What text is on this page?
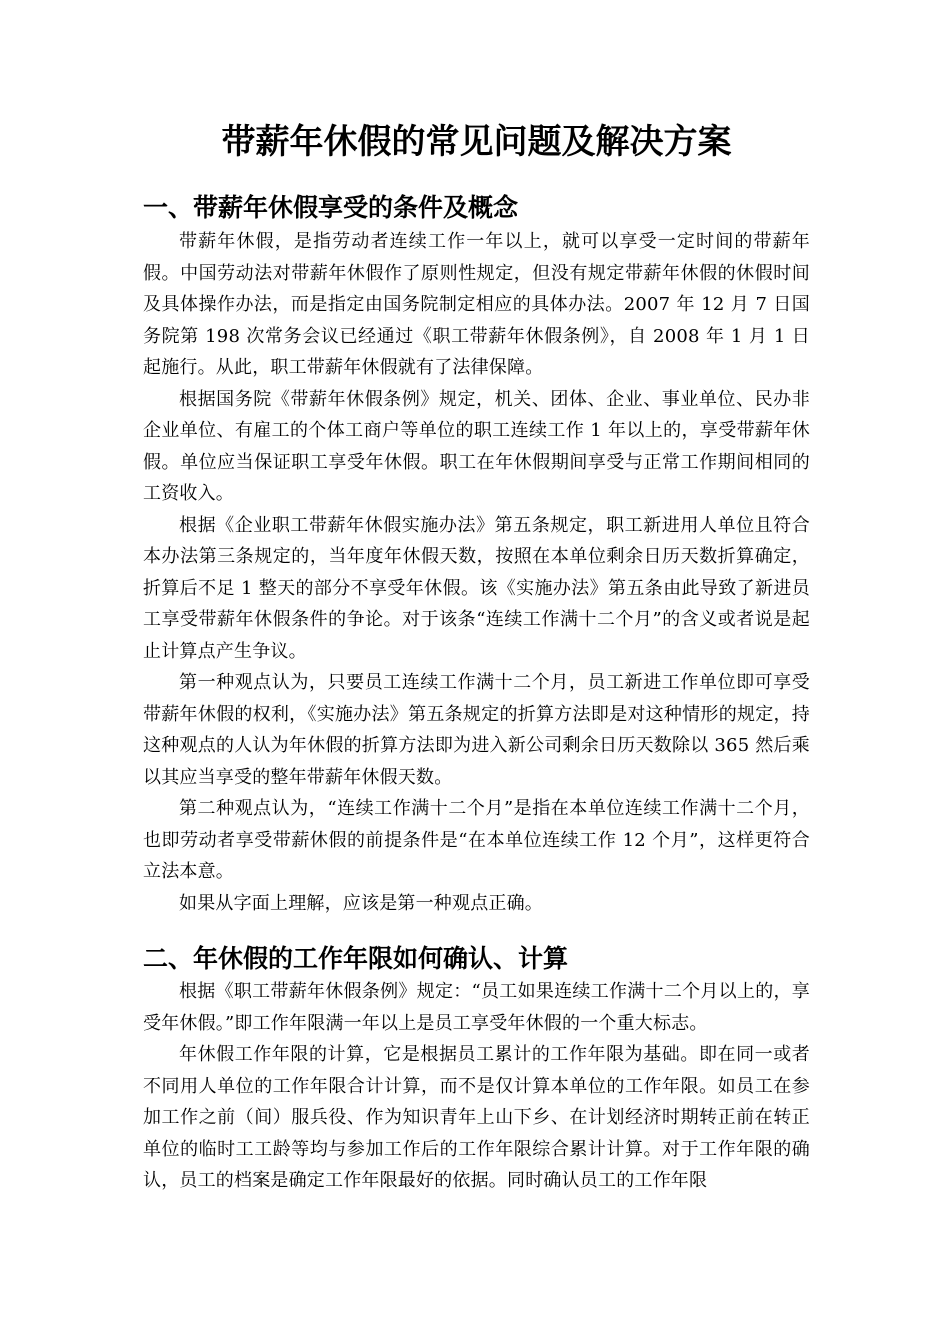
带薪年休假的常见问题及解决方案
一、带薪年休假享受的条件及概念

带薪年休假，是指劳动者连续工作一年以上，就可以享受一定时间的带薪年假。中国劳动法对带薪年休假作了原则性规定，但没有规定带薪年休假的休假时间及具体操作办法，而是指定由国务院制定相应的具体办法。2007 年 12 月 7 日国务院第 198 次常务会议已经通过《职工带薪年休假条例》，自 2008 年 1 月 1 日起施行。从此，职工带薪年休假就有了法律保障。

根据国务院《带薪年休假条例》规定，机关、团体、企业、事业单位、民办非企业单位、有雇工的个体工商户等单位的职工连续工作 1 年以上的，享受带薪年休假。单位应当保证职工享受年休假。职工在年休假期间享受与正常工作期间相同的工资收入。

根据《企业职工带薪年休假实施办法》第五条规定，职工新进用人单位且符合本办法第三条规定的，当年度年休假天数，按照在本单位剩余日历天数折算确定，折算后不足 1 整天的部分不享受年休假。该《实施办法》第五条由此导致了新进员工享受带薪年休假条件的争论。对于该条“连续工作满十二个月”的含义或者说是起止计算点产生争议。

第一种观点认为，只要员工连续工作满十二个月，员工新进工作单位即可享受带薪年休假的权利，《实施办法》第五条规定的折算方法即是对这种情形的规定，持这种观点的人认为年休假的折算方法即为进入新公司剩余日历天数除以 365 然后乘以其应当享受的整年带薪年休假天数。

第二种观点认为，“连续工作满十二个月”是指在本单位连续工作满十二个月，也即劳动者享受带薪休假的前提条件是“在本单位连续工作 12 个月”，这样更符合立法本意。

如果从字面上理解，应该是第一种观点正确。

二、年休假的工作年限如何确认、计算

根据《职工带薪年休假条例》规定：“员工如果连续工作满十二个月以上的，享受年休假。”即工作年限满一年以上是员工享受年休假的一个重大标志。

年休假工作年限的计算，它是根据员工累计的工作年限为基础。即在同一或者不同用人单位的工作年限合计计算，而不是仅计算本单位的工作年限。如员工在参加工作之前（间）服兵役、作为知识青年上山下乡、在计划经济时期转正前在转正单位的临时工工龄等均与参加工作后的工作年限综合累计计算。对于工作年限的确认，员工的档案是确定工作年限最好的依据。同时确认员工的工作年限
